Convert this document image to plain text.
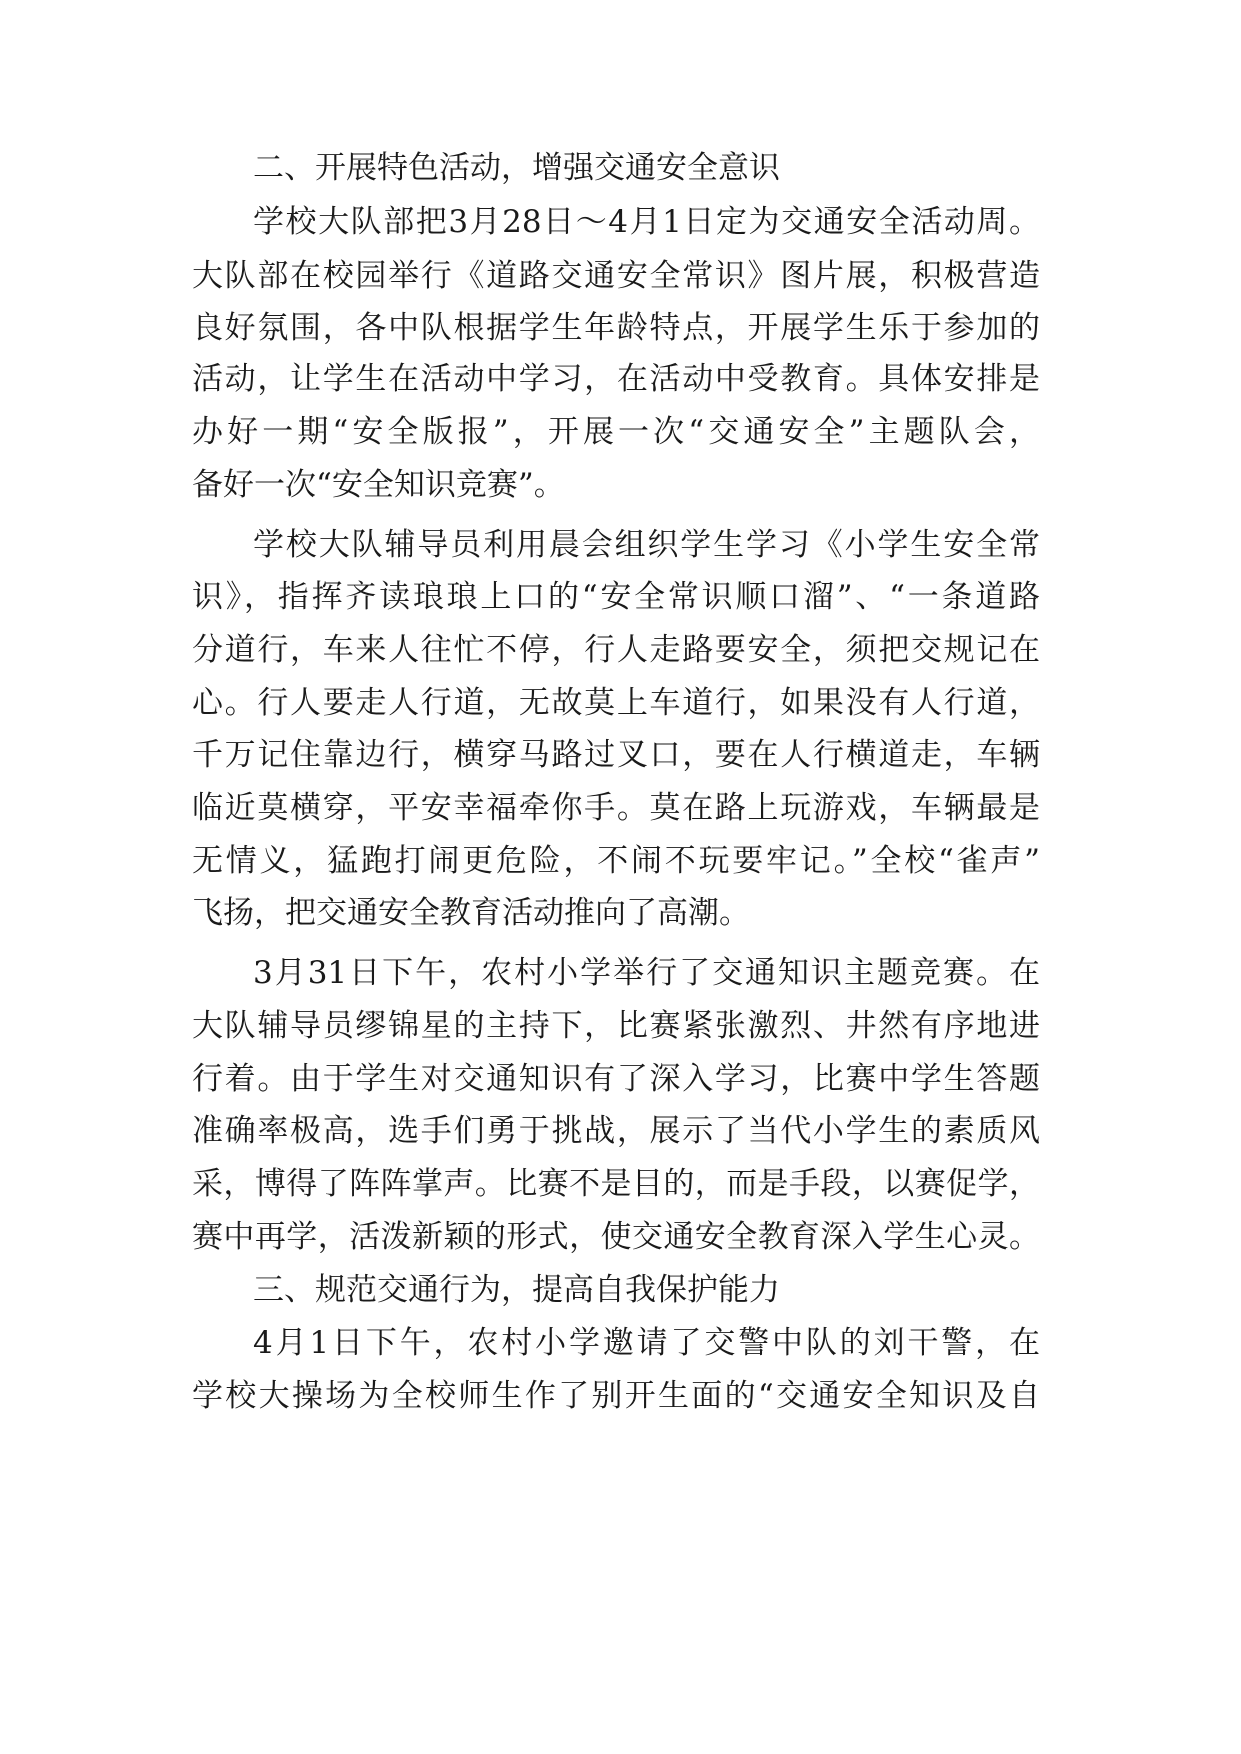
二、开展特色活动，增强交通安全意识
学校大队部把3月28日～4月1日定为交通安全活动周。
大队部在校园举行《道路交通安全常识》图片展，积极营造
良好氛围，各中队根据学生年龄特点，开展学生乐于参加的
活动，让学生在活动中学习，在活动中受教育。具体安排是
办好一期“安全版报”，开展一次“交通安全”主题队会，
备好一次“安全知识竞赛”。
学校大队辅导员利用晨会组织学生学习《小学生安全常
识》，指挥齐读琅琅上口的“安全常识顺口溜”、“一条道路
分道行，车来人往忙不停，行人走路要安全，须把交规记在
心。行人要走人行道，无故莫上车道行，如果没有人行道，
千万记住靠边行，横穿马路过叉口，要在人行横道走，车辆
临近莫横穿，平安幸福牵你手。莫在路上玩游戏，车辆最是
无情义，猛跑打闹更危险，不闹不玩要牢记。”全校“雀声”
飞扬，把交通安全教育活动推向了高潮。
3月31日下午，农村小学举行了交通知识主题竞赛。在
大队辅导员缪锦星的主持下，比赛紧张激烈、井然有序地进
行着。由于学生对交通知识有了深入学习，比赛中学生答题
准确率极高，选手们勇于挑战，展示了当代小学生的素质风
采，博得了阵阵掌声。比赛不是目的，而是手段，以赛促学，
赛中再学，活泼新颖的形式，使交通安全教育深入学生心灵。
三、规范交通行为，提高自我保护能力
4月1日下午，农村小学邀请了交警中队的刘干警，在
学校大操场为全校师生作了别开生面的“交通安全知识及自
